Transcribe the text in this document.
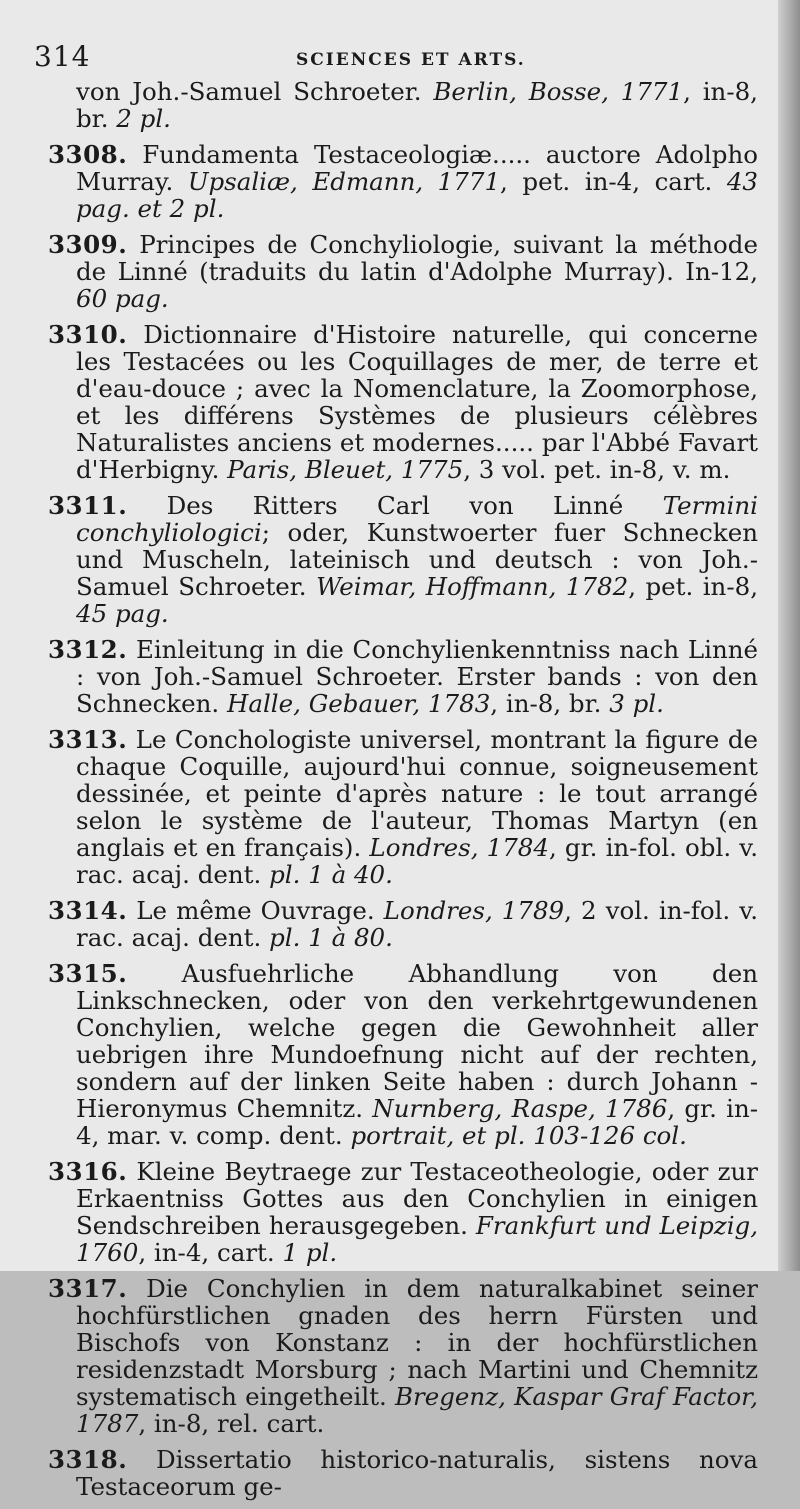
314	SCIENCES ET ARTS.

von Joh.-Samuel Schroeter. Berlin, Bosse, 1771, in-8, br. 2 pl.

3308. Fundamenta Testaceologiæ..... auctore Adolpho Murray. Upsaliæ, Edmann, 1771, pet. in-4, cart. 43 pag. et 2 pl.

3309. Principes de Conchyliologie, suivant la méthode de Linné (traduits du latin d'Adolphe Murray). In-12, 60 pag.

3310. Dictionnaire d'Histoire naturelle, qui concerne les Testacées ou les Coquillages de mer, de terre et d'eau-douce ; avec la Nomenclature, la Zoomorphose, et les différens Systèmes de plusieurs célèbres Naturalistes anciens et modernes..... par l'Abbé Favart d'Herbigny. Paris, Bleuet, 1775, 3 vol. pet. in-8, v. m.

3311. Des Ritters Carl von Linné Termini conchyliologici; oder, Kunstwoerter fuer Schnecken und Muscheln, lateinisch und deutsch : von Joh.-Samuel Schroeter. Weimar, Hoffmann, 1782, pet. in-8, 45 pag.

3312. Einleitung in die Conchylienkenntniss nach Linné : von Joh.-Samuel Schroeter. Erster bands : von den Schnecken. Halle, Gebauer, 1783, in-8, br. 3 pl.

3313. Le Conchologiste universel, montrant la figure de chaque Coquille, aujourd'hui connue, soigneusement dessinée, et peinte d'après nature : le tout arrangé selon le système de l'auteur, Thomas Martyn (en anglais et en français). Londres, 1784, gr. in-fol. obl. v. rac. acaj. dent. pl. 1 à 40.

3314. Le même Ouvrage. Londres, 1789, 2 vol. in-fol. v. rac. acaj. dent. pl. 1 à 80.

3315. Ausfuehrliche Abhandlung von den Linkschnecken, oder von den verkehrtgewundenen Conchylien, welche gegen die Gewohnheit aller uebrigen ihre Mundoefnung nicht auf der rechten, sondern auf der linken Seite haben : durch Johann - Hieronymus Chemnitz. Nurnberg, Raspe, 1786, gr. in-4, mar. v. comp. dent. portrait, et pl. 103-126 col.

3316. Kleine Beytraege zur Testaceotheologie, oder zur Erkaentniss Gottes aus den Conchylien in einigen Sendschreiben herausgegeben. Frankfurt und Leipzig, 1760, in-4, cart. 1 pl.

3317. Die Conchylien in dem naturalkabinet seiner hochfürstlichen gnaden des herrn Fürsten und Bischofs von Konstanz : in der hochfürstlichen residenzstadt Morsburg ; nach Martini und Chemnitz systematisch eingetheilt. Bregenz, Kaspar Graf Factor, 1787, in-8, rel. cart.

3318. Dissertatio historico-naturalis, sistens nova Testaceorum ge-
